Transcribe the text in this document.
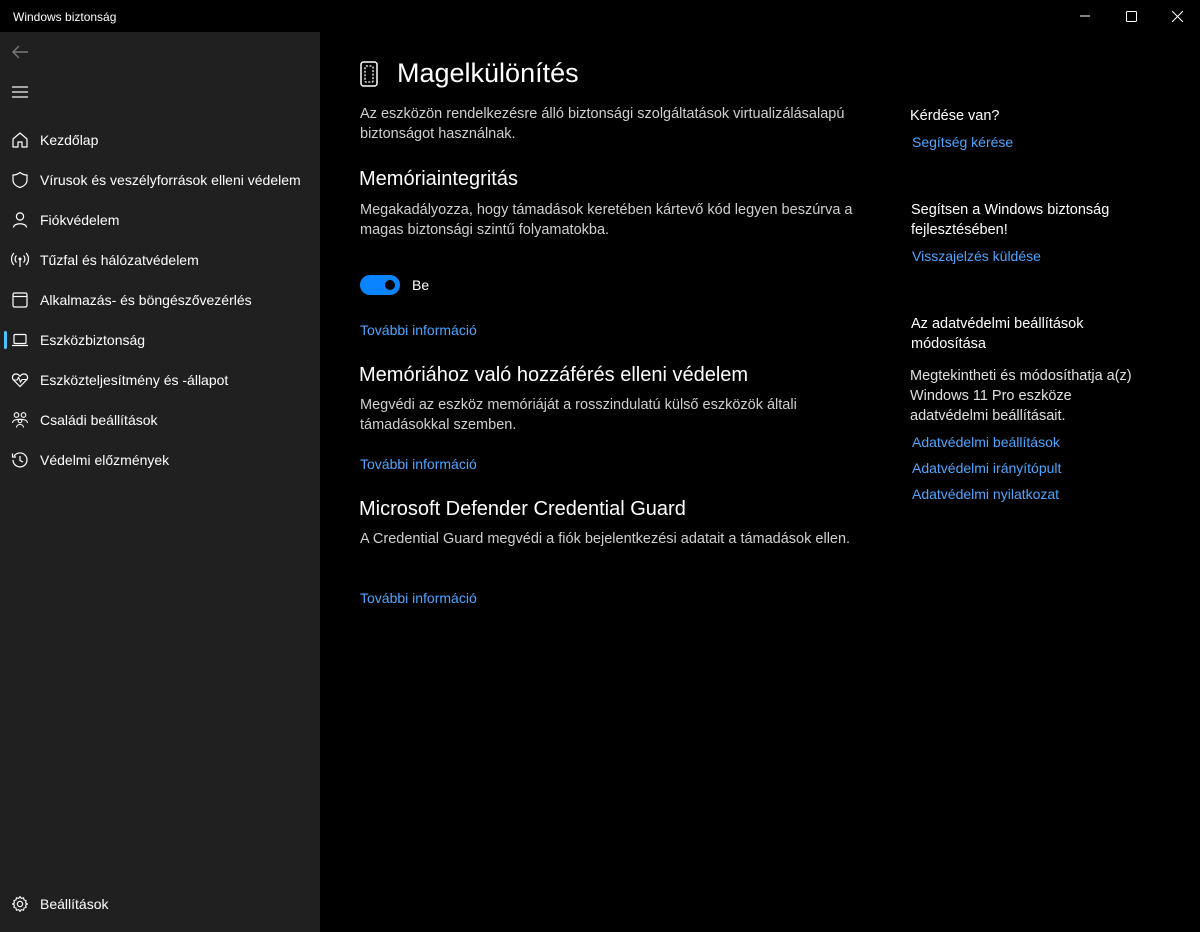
Windows biztonság
Kezdőlap
Vírusok és veszélyforrások elleni védelem
Fiókvédelem
Tűzfal és hálózatvédelem
Alkalmazás- és böngészővezérlés
Eszközbiztonság
Eszközteljesítmény és -állapot
Családi beállítások
Védelmi előzmények
Beállítások
Magelkülönítés
Az eszközön rendelkezésre álló biztonsági szolgáltatások virtualizálásalapú biztonságot használnak.
Memóriaintegritás
Megakadályozza, hogy támadások keretében kártevő kód legyen beszúrva a magas biztonsági szintű folyamatokba.
Be
További információ
Memóriához való hozzáférés elleni védelem
Megvédi az eszköz memóriáját a rosszindulatú külső eszközök általi támadásokkal szemben.
További információ
Microsoft Defender Credential Guard
A Credential Guard megvédi a fiók bejelentkezési adatait a támadások ellen.
További információ
Kérdése van?
Segítség kérése
Segítsen a Windows biztonság fejlesztésében!
Visszajelzés küldése
Az adatvédelmi beállítások módosítása
Megtekintheti és módosíthatja a(z) Windows 11 Pro eszköze adatvédelmi beállításait.
Adatvédelmi beállítások
Adatvédelmi irányítópult
Adatvédelmi nyilatkozat
